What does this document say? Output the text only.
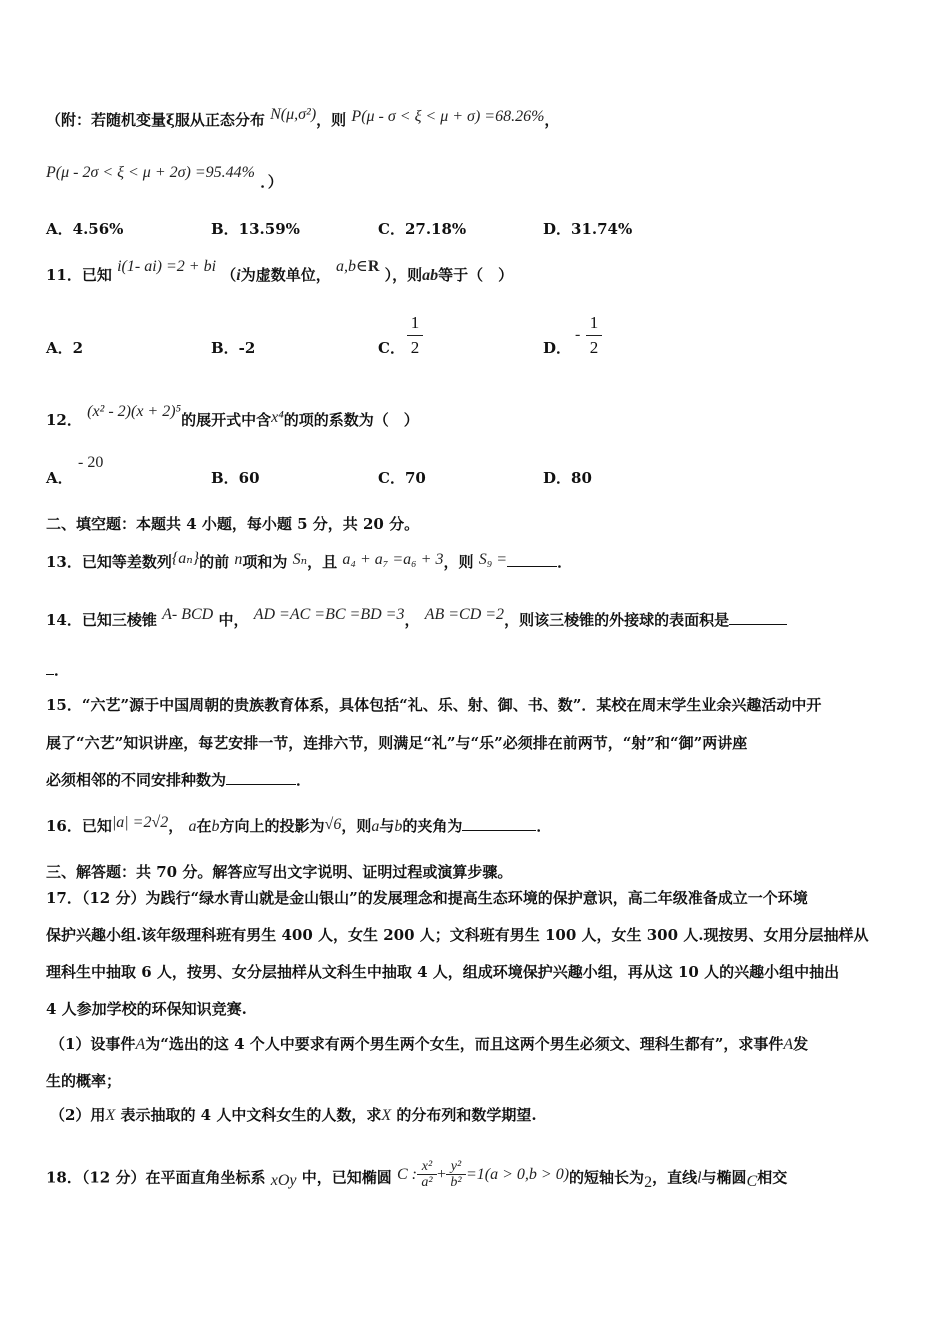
（附：若随机变量ξ服从正态分布 N(μ,σ²)，则 P(μ - σ < ξ < μ + σ) =68.26%，
P(μ - 2σ < ξ < μ + 2σ) =95.44% ．）
A．4.56%	B．13.59%	C．27.18%	D．31.74%
11．已知 i(1- ai) =2 + bi （i为虚数单位， a,b∈R ），则ab等于（　）
A．2	B．-2	C．
1
2	D．
-
1
2
12． (x² - 2)(x + 2)⁵的展开式中含x⁴的项的系数为（　）
A．
- 20
B．60	C．70	D．80
二、填空题：本题共 4 小题，每小题 5 分，共 20 分。
13．已知等差数列{aₙ}的前 n项和为 Sₙ，且 a₄ + a₇ =a₆ + 3，则 S₉ =	．
14．已知三棱锥 A- BCD 中， AD =AC =BC =BD =3， AB =CD =2，则该三棱锥的外接球的表面积是
．
15．“六艺”源于中国周朝的贵族教育体系，具体包括“礼、乐、射、御、书、数”．某校在周末学生业余兴趣活动中开
展了“六艺”知识讲座，每艺安排一节，连排六节，则满足“礼”与“乐”必须排在前两节，“射”和“御”两讲座
必须相邻的不同安排种数为	．
16．已知|a| =2√2， a在b方向上的投影为√6，则a与b的夹角为	．
三、解答题：共 70 分。解答应写出文字说明、证明过程或演算步骤。
17．（12 分）为践行“绿水青山就是金山银山”的发展理念和提高生态环境的保护意识，高二年级准备成立一个环境
保护兴趣小组.该年级理科班有男生 400 人，女生 200 人；文科班有男生 100 人，女生 300 人.现按男、女用分层抽样从
理科生中抽取 6 人，按男、女分层抽样从文科生中抽取 4 人，组成环境保护兴趣小组，再从这 10 人的兴趣小组中抽出
4 人参加学校的环保知识竞赛.
（1）设事件A为“选出的这 4 个人中要求有两个男生两个女生，而且这两个男生必须文、理科生都有”，求事件A发
生的概率；
（2）用X 表示抽取的 4 人中文科女生的人数，求X 的分布列和数学期望.
18．（12 分）在平面直角坐标系 xOy 中，已知椭圆 C : $\frac{\text{x²}}{\text{a²}} + \frac{\text{y²}}{\text{b²}} =1(a > 0,b > 0)$的短轴长为2，直线l与椭圆C相交
